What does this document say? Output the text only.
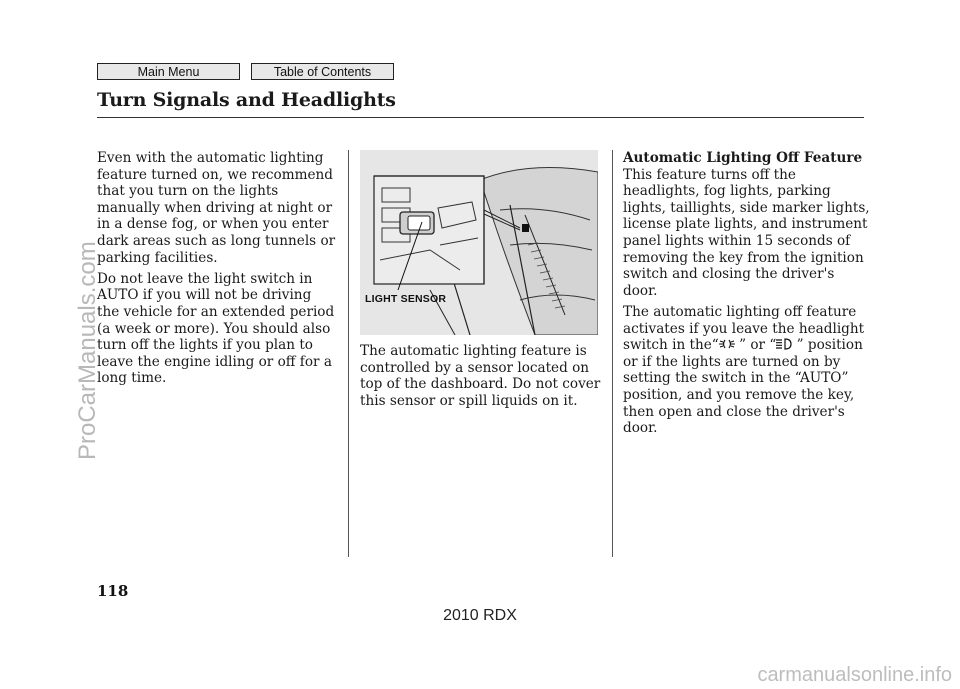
Main Menu	Table of Contents
Turn Signals and Headlights

Even with the automatic lighting feature turned on, we recommend that you turn on the lights manually when driving at night or in a dense fog, or when you enter dark areas such as long tunnels or parking facilities.

Do not leave the light switch in AUTO if you will not be driving the vehicle for an extended period (a week or more). You should also turn off the lights if you plan to leave the engine idling or off for a long time.

LIGHT SENSOR

The automatic lighting feature is controlled by a sensor located on top of the dashboard. Do not cover this sensor or spill liquids on it.

Automatic Lighting Off Feature

This feature turns off the headlights, fog lights, parking lights, taillights, side marker lights, license plate lights, and instrument panel lights within 15 seconds of removing the key from the ignition switch and closing the driver's door.

The automatic lighting off feature activates if you leave the headlight switch in the“ ” or “ ” position or if the lights are turned on by setting the switch in the “AUTO” position, and you remove the key, then open and close the driver's door.

118
2010 RDX
ProCarManuals.com
carmanualsonline.info
